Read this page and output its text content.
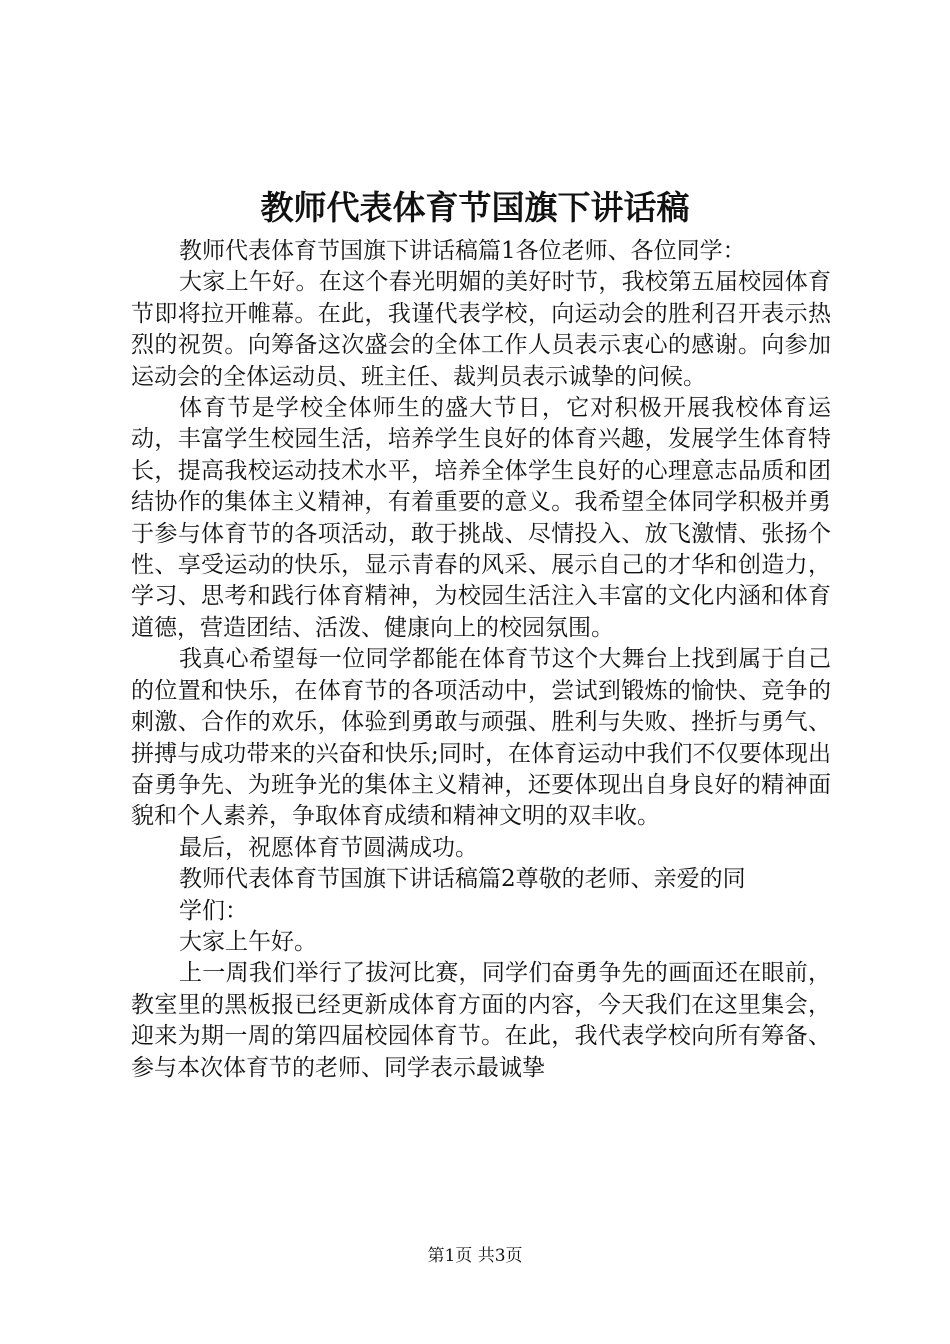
教师代表体育节国旗下讲话稿

教师代表体育节国旗下讲话稿篇1各位老师、各位同学：

大家上午好。在这个春光明媚的美好时节，我校第五届校园体育节即将拉开帷幕。在此，我谨代表学校，向运动会的胜利召开表示热烈的祝贺。向筹备这次盛会的全体工作人员表示衷心的感谢。向参加运动会的全体运动员、班主任、裁判员表示诚挚的问候。

体育节是学校全体师生的盛大节日，它对积极开展我校体育运动，丰富学生校园生活，培养学生良好的体育兴趣，发展学生体育特长，提高我校运动技术水平，培养全体学生良好的心理意志品质和团结协作的集体主义精神，有着重要的意义。我希望全体同学积极并勇于参与体育节的各项活动，敢于挑战、尽情投入、放飞激情、张扬个性、享受运动的快乐，显示青春的风采、展示自己的才华和创造力，学习、思考和践行体育精神，为校园生活注入丰富的文化内涵和体育道德，营造团结、活泼、健康向上的校园氛围。

我真心希望每一位同学都能在体育节这个大舞台上找到属于自己的位置和快乐，在体育节的各项活动中，尝试到锻炼的愉快、竞争的刺激、合作的欢乐，体验到勇敢与顽强、胜利与失败、挫折与勇气、拼搏与成功带来的兴奋和快乐;同时，在体育运动中我们不仅要体现出奋勇争先、为班争光的集体主义精神，还要体现出自身良好的精神面貌和个人素养，争取体育成绩和精神文明的双丰收。

最后，祝愿体育节圆满成功。

教师代表体育节国旗下讲话稿篇2尊敬的老师、亲爱的同学们：

大家上午好。

上一周我们举行了拔河比赛，同学们奋勇争先的画面还在眼前，教室里的黑板报已经更新成体育方面的内容，今天我们在这里集会，迎来为期一周的第四届校园体育节。在此，我代表学校向所有筹备、参与本次体育节的老师、同学表示最诚挚

第1页 共3页
